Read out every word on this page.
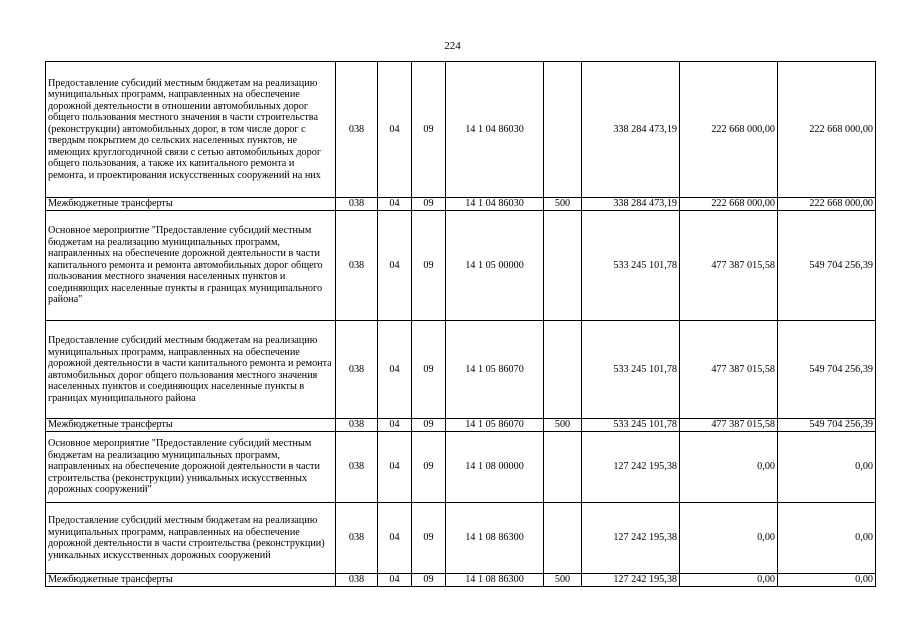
224
Предоставление субсидий местным бюджетам на реализацию муниципальных программ, направленных на обеспечение дорожной деятельности в отношении автомобильных дорог общего пользования местного значения в части строительства (реконструкции) автомобильных дорог, в том числе дорог с твердым покрытием до сельских населенных пунктов, не имеющих круглогодичной связи с сетью автомобильных дорог общего пользования, а также их капитального ремонта и ремонта, и проектирования искусственных сооружений на них	038	04	09	14 1 04 86030		338 284 473,19	222 668 000,00	222 668 000,00
Межбюджетные трансферты	038	04	09	14 1 04 86030	500	338 284 473,19	222 668 000,00	222 668 000,00
Основное мероприятие "Предоставление субсидий местным бюджетам на реализацию муниципальных программ, направленных на обеспечение дорожной деятельности в части капитального ремонта и ремонта автомобильных дорог общего пользования местного значения населенных пунктов и соединяющих населенные пункты в границах муниципального района"	038	04	09	14 1 05 00000		533 245 101,78	477 387 015,58	549 704 256,39
Предоставление субсидий местным бюджетам на реализацию муниципальных программ, направленных на обеспечение дорожной деятельности в части капитального ремонта и ремонта автомобильных дорог общего пользования местного значения населенных пунктов и соединяющих населенные пункты в границах муниципального района	038	04	09	14 1 05 86070		533 245 101,78	477 387 015,58	549 704 256,39
Межбюджетные трансферты	038	04	09	14 1 05 86070	500	533 245 101,78	477 387 015,58	549 704 256,39
Основное мероприятие "Предоставление субсидий местным бюджетам на реализацию муниципальных программ, направленных на обеспечение дорожной деятельности в части строительства (реконструкции) уникальных искусственных дорожных сооружений"	038	04	09	14 1 08 00000		127 242 195,38	0,00	0,00
Предоставление субсидий местным бюджетам на реализацию муниципальных программ, направленных на обеспечение дорожной деятельности в части строительства (реконструкции) уникальных искусственных дорожных сооружений	038	04	09	14 1 08 86300		127 242 195,38	0,00	0,00
Межбюджетные трансферты	038	04	09	14 1 08 86300	500	127 242 195,38	0,00	0,00
